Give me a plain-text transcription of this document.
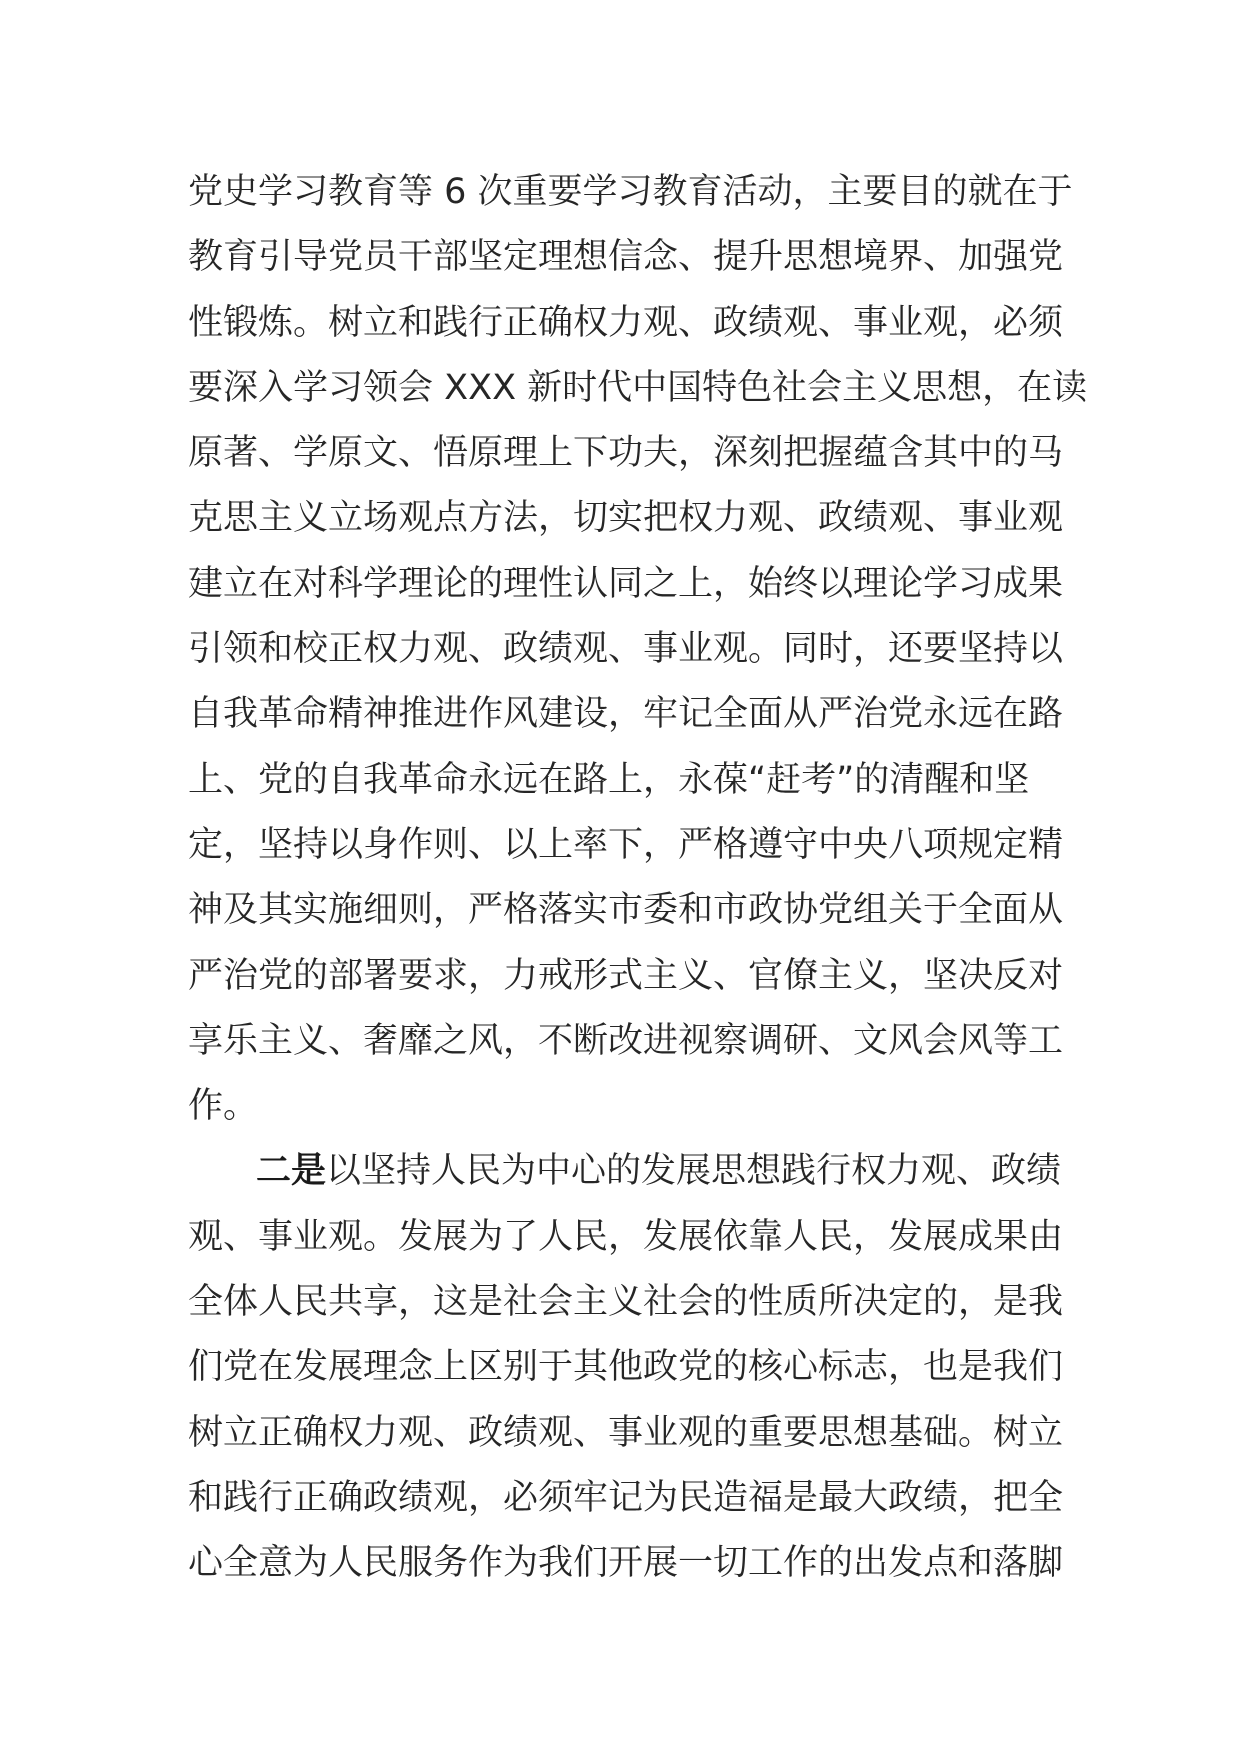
党史学习教育等 6 次重要学习教育活动，主要目的就在于
教育引导党员干部坚定理想信念、提升思想境界、加强党
性锻炼。树立和践行正确权力观、政绩观、事业观，必须
要深入学习领会 XXX 新时代中国特色社会主义思想，在读
原著、学原文、悟原理上下功夫，深刻把握蕴含其中的马
克思主义立场观点方法，切实把权力观、政绩观、事业观
建立在对科学理论的理性认同之上，始终以理论学习成果
引领和校正权力观、政绩观、事业观。同时，还要坚持以
自我革命精神推进作风建设，牢记全面从严治党永远在路
上、党的自我革命永远在路上，永葆“赶考”的清醒和坚
定，坚持以身作则、以上率下，严格遵守中央八项规定精
神及其实施细则，严格落实市委和市政协党组关于全面从
严治党的部署要求，力戒形式主义、官僚主义，坚决反对
享乐主义、奢靡之风，不断改进视察调研、文风会风等工
作。
二是以坚持人民为中心的发展思想践行权力观、政绩
观、事业观。发展为了人民，发展依靠人民，发展成果由
全体人民共享，这是社会主义社会的性质所决定的，是我
们党在发展理念上区别于其他政党的核心标志，也是我们
树立正确权力观、政绩观、事业观的重要思想基础。树立
和践行正确政绩观，必须牢记为民造福是最大政绩，把全
心全意为人民服务作为我们开展一切工作的出发点和落脚
